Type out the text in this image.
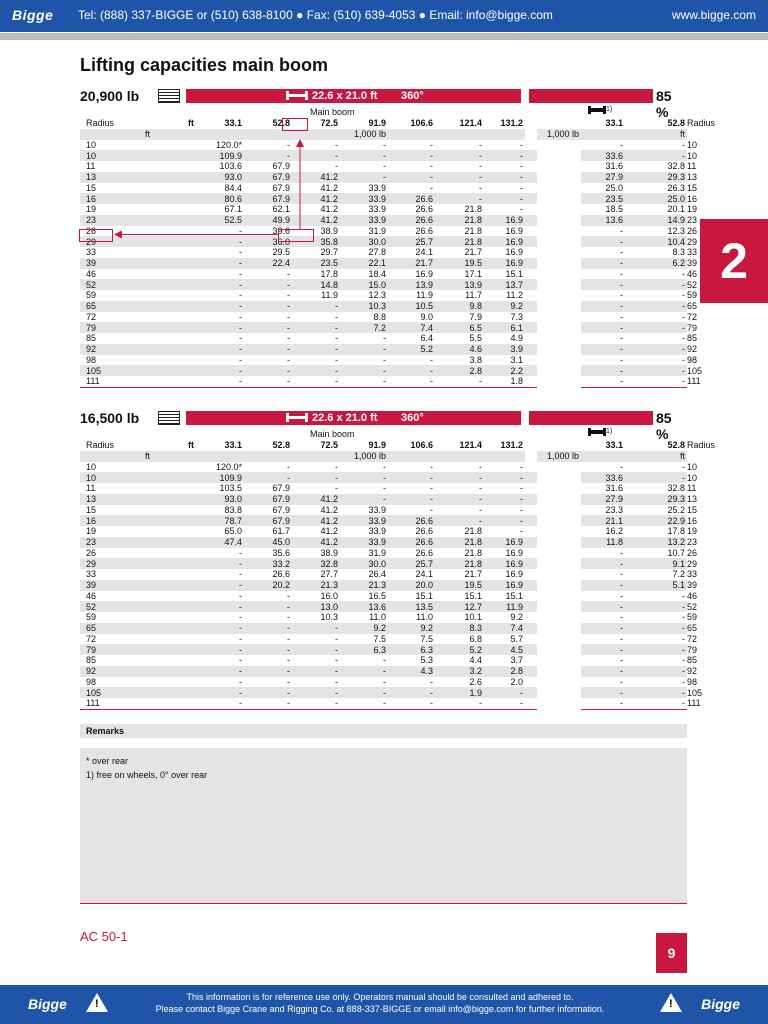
Bigge Tel: (888) 337-BIGGE or (510) 638-8100 ● Fax: (510) 639-4053 ● Email: info@bigge.com	www.bigge.com
Lifting capacities main boom
2
20,900 lb	22.6 x 21.0 ft 360°	85 %
Main boom	$^{1)}$
Radius	ft	33.1	52.8	72.5	91.9	106.6	121.4	131.2			33.1	52.8	Radius
ft					1,000 lb					1,000 lb		ft	
10		120.0*	-	-	-	-	-	-			-	-	10
10		109.9	-	-	-	-	-	-			33.6	-	10
11		103.6	67.9	-	-	-	-	-			31.6	32.8	11
13		93.0	67.9	41.2	-	-	-	-			27.9	29.3	13
15		84.4	67.9	41.2	33.9	-	-	-			25.0	26.3	15
16		80.6	67.9	41.2	33.9	26.6	-	-			23.5	25.0	16
19		67.1	62.1	41.2	33.9	26.6	21.8	-			18.5	20.1	19
23		52.5	49.9	41.2	33.9	26.6	21.8	16.9			13.6	14.9	23
26		-	39.6	38.9	31.9	26.6	21.8	16.9			-	12.3	26
29		-	36.0	35.8	30.0	25.7	21.8	16.9			-	10.4	29
33		-	29.5	29.7	27.8	24.1	21.7	16.9			-	8.3	33
39		-	22.4	23.5	22.1	21.7	19.5	16.9			-	6.2	39
46		-	-	17.8	18.4	16.9	17.1	15.1			-	-	46
52		-	-	14.8	15.0	13.9	13.9	13.7			-	-	52
59		-	-	11.9	12.3	11.9	11.7	11.2			-	-	59
65		-	-	-	10.3	10.5	9.8	9.2			-	-	65
72		-	-	-	8.8	9.0	7.9	7.3			-	-	72
79		-	-	-	7.2	7.4	6.5	6.1			-	-	79
85		-	-	-	-	6.4	5.5	4.9			-	-	85
92		-	-	-	-	5.2	4.6	3.9			-	-	92
98		-	-	-	-	-	3.8	3.1			-	-	98
105		-	-	-	-	-	2.8	2.2			-	-	105
111		-	-	-	-	-	-	1.8			-	-	111
16,500 lb	22.6 x 21.0 ft 360°	85 %
Main boom	$^{1)}$
Radius	ft	33.1	52.8	72.5	91.9	106.6	121.4	131.2			33.1	52.8	Radius
ft					1,000 lb					1,000 lb		ft	
10		120.0*	-	-	-	-	-	-			-	-	10
10		109.9	-	-	-	-	-	-			33.6	-	10
11		103.5	67.9	-	-	-	-	-			31.6	32.8	11
13		93.0	67.9	41.2	-	-	-	-			27.9	29.3	13
15		83.8	67.9	41.2	33.9	-	-	-			23.3	25.2	15
16		78.7	67.9	41.2	33.9	26.6	-	-			21.1	22.9	16
19		65.0	61.7	41.2	33.9	26.6	21.8	-			16.2	17.8	19
23		47.4	45.0	41.2	33.9	26.6	21.8	16.9			11.8	13.2	23
26		-	35.6	38.9	31.9	26.6	21.8	16.9			-	10.7	26
29		-	33.2	32.8	30.0	25.7	21.8	16.9			-	9.1	29
33		-	26.6	27.7	26.4	24.1	21.7	16.9			-	7.2	33
39		-	20.2	21.3	21.3	20.0	19.5	16.9			-	5.1	39
46		-	-	16.0	16.5	15.1	15.1	15.1			-	-	46
52		-	-	13.0	13.6	13.5	12.7	11.9			-	-	52
59		-	-	10.3	11.0	11.0	10.1	9.2			-	-	59
65		-	-	-	9.2	9.2	8.3	7.4			-	-	65
72		-	-	-	7.5	7.5	6.8	5.7			-	-	72
79		-	-	-	6.3	6.3	5.2	4.5			-	-	79
85		-	-	-	-	5.3	4.4	3.7			-	-	85
92		-	-	-	-	4.3	3.2	2.8			-	-	92
98		-	-	-	-	-	2.6	2.0			-	-	98
105		-	-	-	-	-	1.9	-			-	-	105
111		-	-	-	-	-	-	-			-	-	111
Remarks
* over rear
1) free on wheels, 0° over rear
AC 50-1
9
Bigge	!
This information is for reference use only. Operators manual should be consulted and adhered to.
Please contact Bigge Crane and Rigging Co. at 888-337-BIGGE or email info@bigge.com for further information.	! Bigge
